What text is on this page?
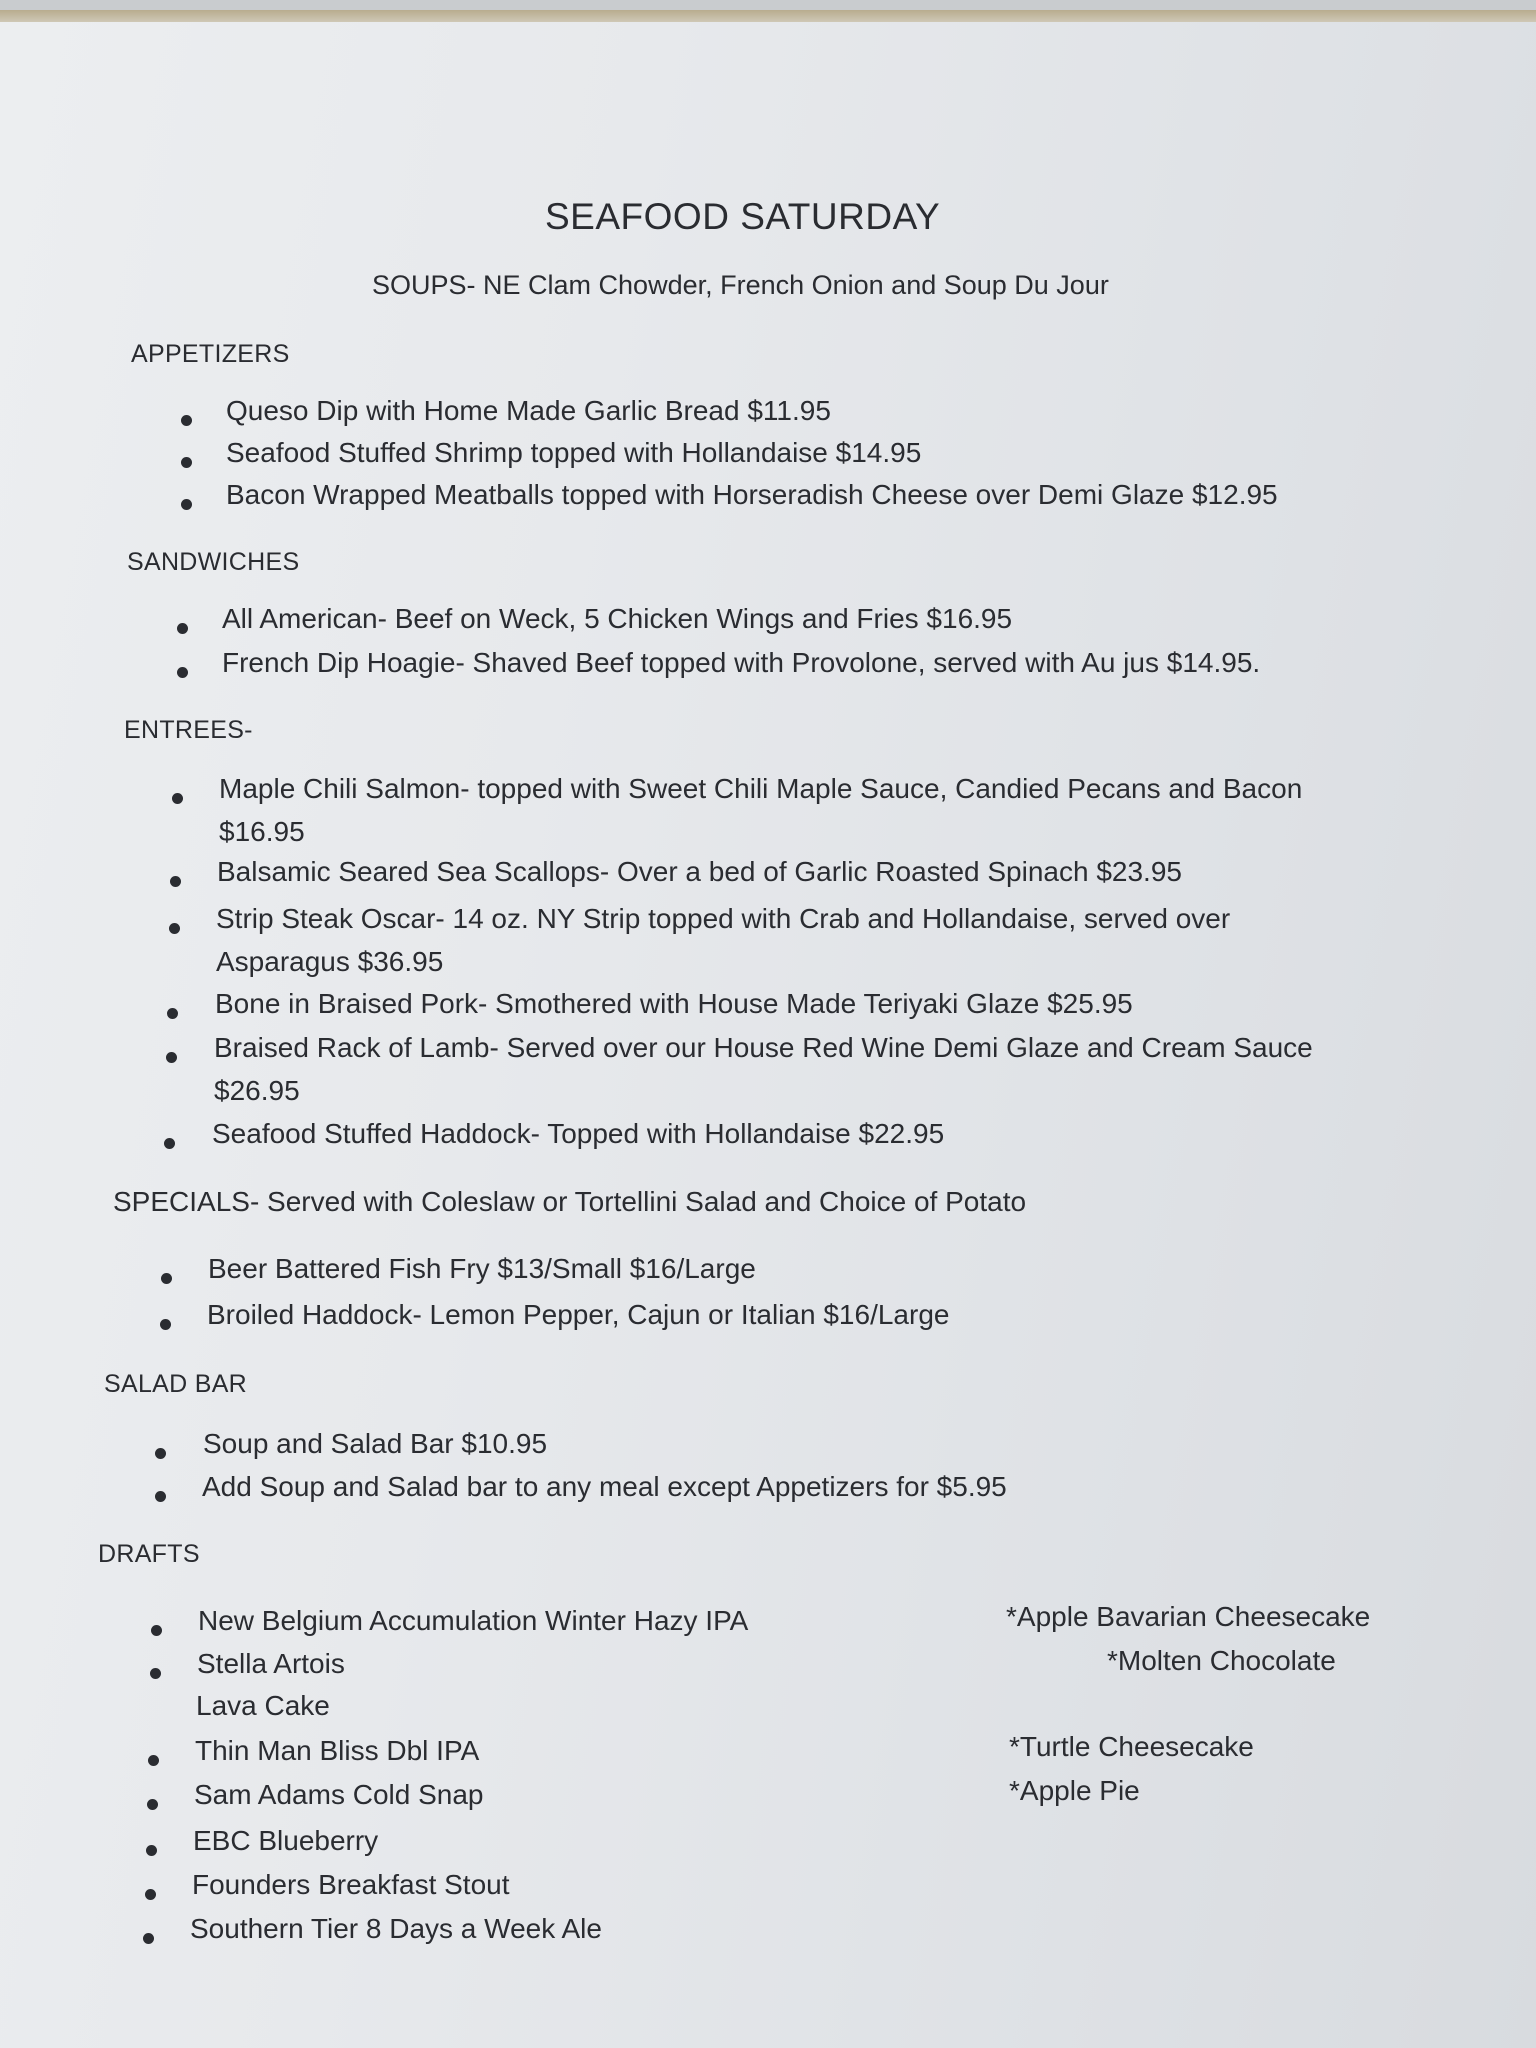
SEAFOOD SATURDAY
SOUPS- NE Clam Chowder, French Onion and Soup Du Jour
APPETIZERS
Queso Dip with Home Made Garlic Bread $11.95
Seafood Stuffed Shrimp topped with Hollandaise $14.95
Bacon Wrapped Meatballs topped with Horseradish Cheese over Demi Glaze $12.95
SANDWICHES
All American- Beef on Weck, 5 Chicken Wings and Fries $16.95
French Dip Hoagie- Shaved Beef topped with Provolone, served with Au jus $14.95.
ENTREES-
Maple Chili Salmon- topped with Sweet Chili Maple Sauce, Candied Pecans and Bacon
$16.95
Balsamic Seared Sea Scallops- Over a bed of Garlic Roasted Spinach $23.95
Strip Steak Oscar- 14 oz. NY Strip topped with Crab and Hollandaise, served over
Asparagus $36.95
Bone in Braised Pork- Smothered with House Made Teriyaki Glaze $25.95
Braised Rack of Lamb- Served over our House Red Wine Demi Glaze and Cream Sauce
$26.95
Seafood Stuffed Haddock- Topped with Hollandaise $22.95
SPECIALS- Served with Coleslaw or Tortellini Salad and Choice of Potato
Beer Battered Fish Fry $13/Small $16/Large
Broiled Haddock- Lemon Pepper, Cajun or Italian $16/Large
SALAD BAR
Soup and Salad Bar $10.95
Add Soup and Salad bar to any meal except Appetizers for $5.95
DRAFTS
New Belgium Accumulation Winter Hazy IPA
Stella Artois
Lava Cake
Thin Man Bliss Dbl IPA
Sam Adams Cold Snap
EBC Blueberry
Founders Breakfast Stout
Southern Tier 8 Days a Week Ale
*Apple Bavarian Cheesecake
*Molten Chocolate
*Turtle Cheesecake
*Apple Pie
